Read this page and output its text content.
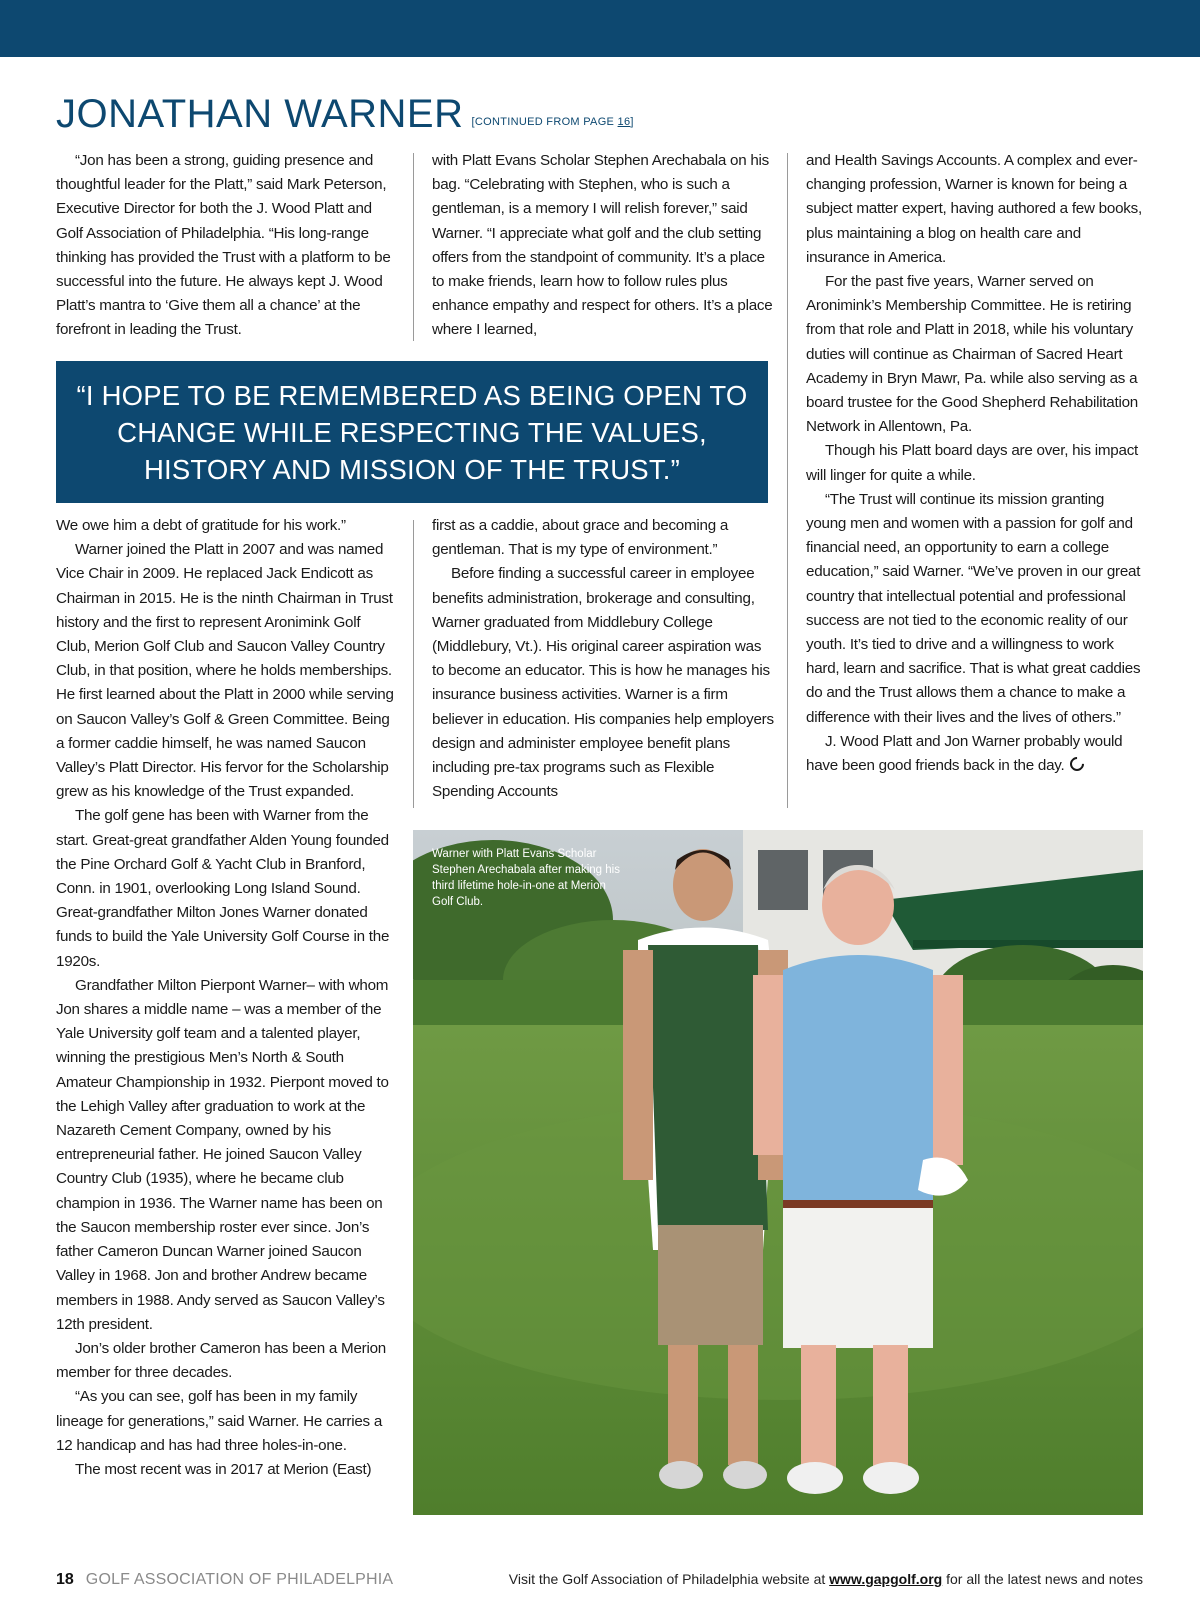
JONATHAN WARNER [CONTINUED FROM PAGE 16]

“Jon has been a strong, guiding presence and thoughtful leader for the Platt,” said Mark Peterson, Executive Director for both the J. Wood Platt and Golf Association of Philadelphia. “His long-range thinking has provided the Trust with a platform to be successful into the future. He always kept J. Wood Platt’s mantra to ‘Give them all a chance’ at the forefront in leading the Trust.

with Platt Evans Scholar Stephen Arechabala on his bag. “Celebrating with Stephen, who is such a gentleman, is a memory I will relish forever,” said Warner. “I appreciate what golf and the club setting offers from the standpoint of community. It’s a place to make friends, learn how to follow rules plus enhance empathy and respect for others. It’s a place where I learned,

“I HOPE TO BE REMEMBERED AS BEING OPEN TO CHANGE WHILE RESPECTING THE VALUES, HISTORY AND MISSION OF THE TRUST.”

We owe him a debt of gratitude for his work.”

Warner joined the Platt in 2007 and was named Vice Chair in 2009. He replaced Jack Endicott as Chairman in 2015. He is the ninth Chairman in Trust history and the first to represent Aronimink Golf Club, Merion Golf Club and Saucon Valley Country Club, in that position, where he holds memberships. He first learned about the Platt in 2000 while serving on Saucon Valley’s Golf & Green Committee. Being a former caddie himself, he was named Saucon Valley’s Platt Director. His fervor for the Scholarship grew as his knowledge of the Trust expanded.

The golf gene has been with Warner from the start. Great-great grandfather Alden Young founded the Pine Orchard Golf & Yacht Club in Branford, Conn. in 1901, overlooking Long Island Sound. Great-grandfather Milton Jones Warner donated funds to build the Yale University Golf Course in the 1920s.

Grandfather Milton Pierpont Warner– with whom Jon shares a middle name – was a member of the Yale University golf team and a talented player, winning the prestigious Men’s North & South Amateur Championship in 1932. Pierpont moved to the Lehigh Valley after graduation to work at the Nazareth Cement Company, owned by his entrepreneurial father. He joined Saucon Valley Country Club (1935), where he became club champion in 1936. The Warner name has been on the Saucon membership roster ever since. Jon’s father Cameron Duncan Warner joined Saucon Valley in 1968. Jon and brother Andrew became members in 1988. Andy served as Saucon Valley’s 12th president.

Jon’s older brother Cameron has been a Merion member for three decades.

“As you can see, golf has been in my family lineage for generations,” said Warner. He carries a 12 handicap and has had three holes-in-one.

The most recent was in 2017 at Merion (East)

first as a caddie, about grace and becoming a gentleman. That is my type of environment.”

Before finding a successful career in employee benefits administration, brokerage and consulting, Warner graduated from Middlebury College (Middlebury, Vt.). His original career aspiration was to become an educator. This is how he manages his insurance business activities. Warner is a firm believer in education. His companies help employers design and administer employee benefit plans including pre-tax programs such as Flexible Spending Accounts

and Health Savings Accounts. A complex and ever-changing profession, Warner is known for being a subject matter expert, having authored a few books, plus maintaining a blog on health care and insurance in America.

For the past five years, Warner served on Aronimink’s Membership Committee. He is retiring from that role and Platt in 2018, while his voluntary duties will continue as Chairman of Sacred Heart Academy in Bryn Mawr, Pa. while also serving as a board trustee for the Good Shepherd Rehabilitation Network in Allentown, Pa.

Though his Platt board days are over, his impact will linger for quite a while.

“The Trust will continue its mission granting young men and women with a passion for golf and financial need, an opportunity to earn a college education,” said Warner. “We’ve proven in our great country that intellectual potential and professional success are not tied to the economic reality of our youth. It’s tied to drive and a willingness to work hard, learn and sacrifice. That is what great caddies do and the Trust allows them a chance to make a difference with their lives and the lives of others.”

J. Wood Platt and Jon Warner probably would have been good friends back in the day.

Warner with Platt Evans Scholar Stephen Arechabala after making his third lifetime hole-in-one at Merion Golf Club.
18 GOLF ASSOCIATION OF PHILADELPHIA	Visit the Golf Association of Philadelphia website at www.gapgolf.org for all the latest news and notes
